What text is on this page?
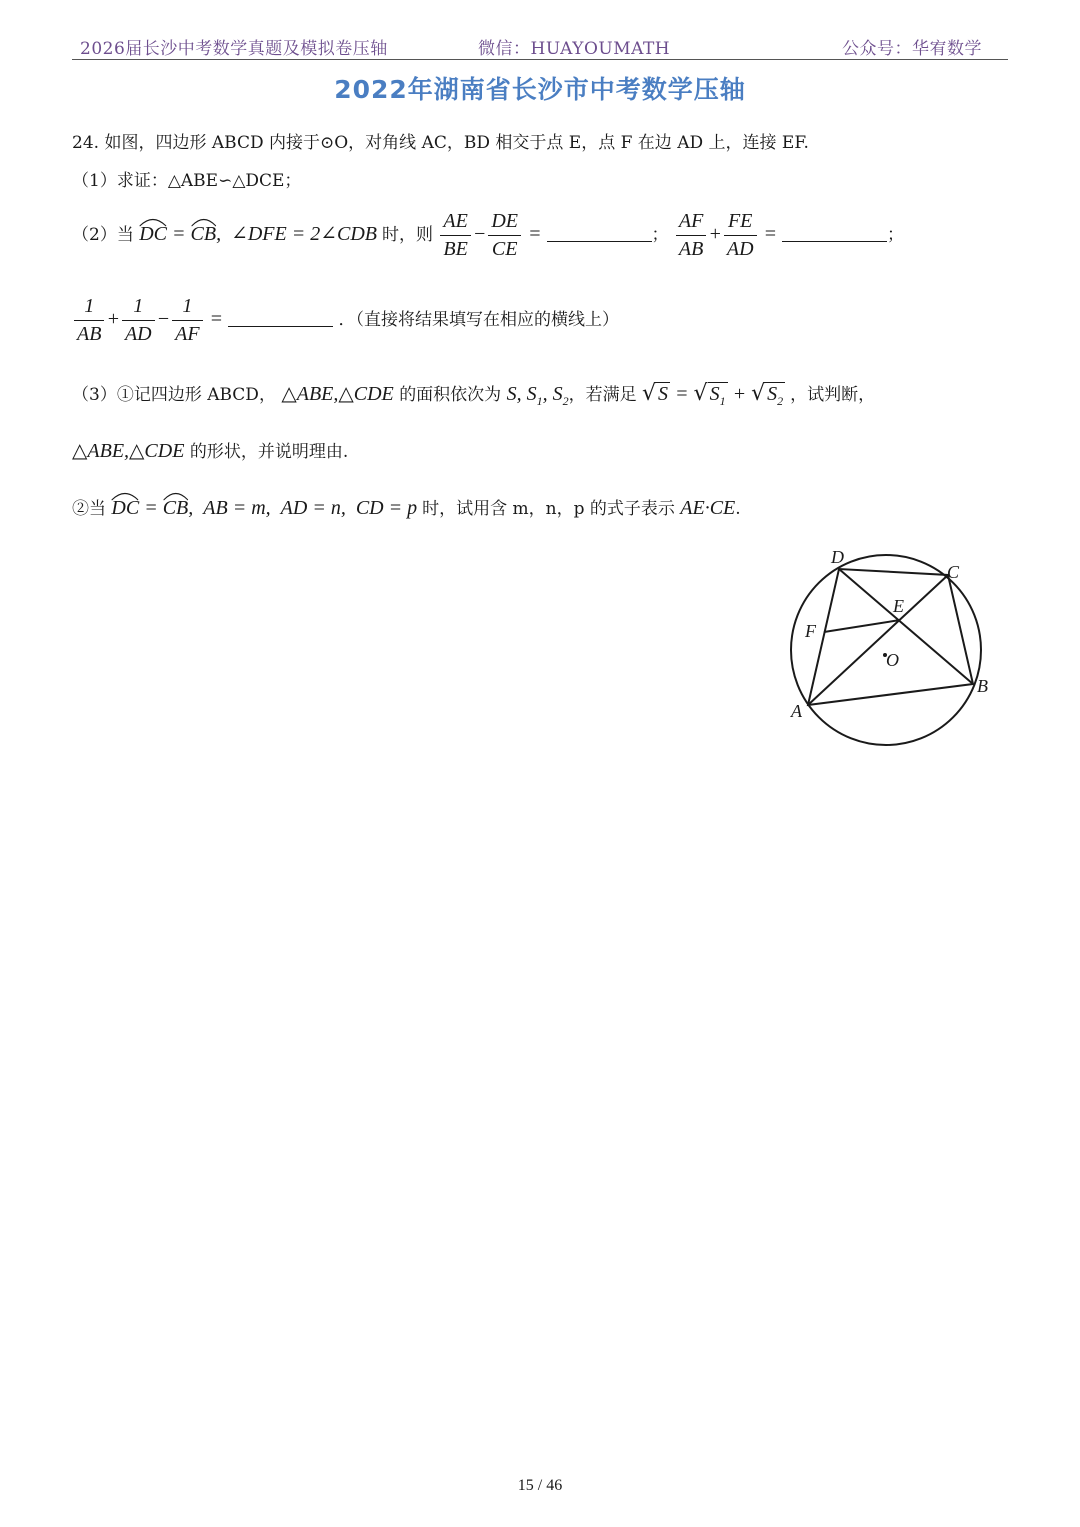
2026届长沙中考数学真题及模拟卷压轴	微信：HUAYOUMATH	公众号：华宥数学
2022年湖南省长沙市中考数学压轴
24. 如图，四边形 ABCD 内接于⊙O，对角线 AC，BD 相交于点 E，点 F 在边 AD 上，连接 EF.
（1）求证：△ABE∽△DCE；
（2）当 DC =
CB,  ∠DFE = 2∠CDB 时，则 $\frac{AE}{BE} - \frac{DE}{CE}$ =	； $\frac{AF}{AB} + \frac{FE}{AD}$ =	；
$\frac{1}{AB} + \frac{1}{AD} - \frac{1}{AF}$ =	．（直接将结果填写在相应的横线上）
（3）①记四边形 ABCD， △ABE,△CDE 的面积依次为 S, $S_1$, $S_2$，若满足 √ S = √ $S_1$ + √ $S_2$ ，试判断，
△ABE,△CDE 的形状，并说明理由.
②当 DC =
CB,  AB = m,  AD = n,  CD = p 时，试用含 m，n，p 的式子表示 AE·CE.
A
B
C
D
E
F
O
15 / 46
